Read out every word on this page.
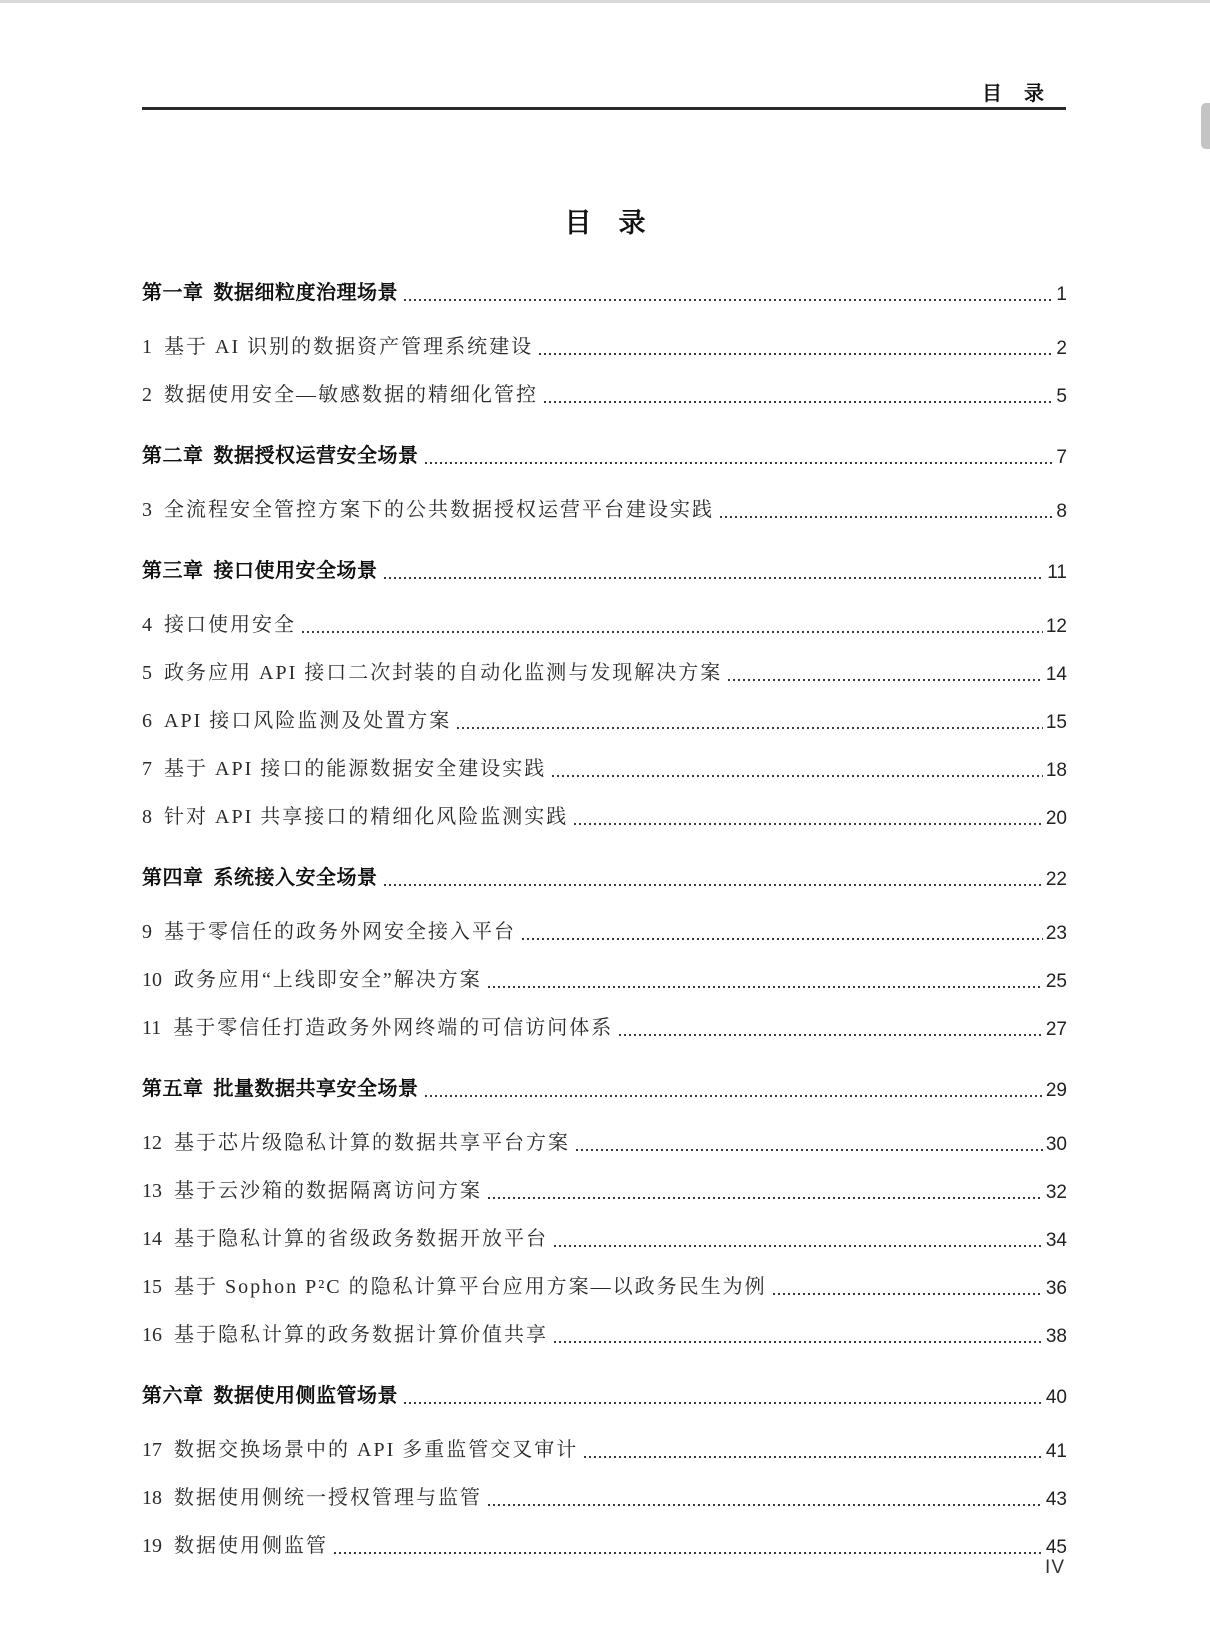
目　录
目　录
第一章 数据细粒度治理场景	1
1 基于 AI 识别的数据资产管理系统建设	2
2 数据使用安全—敏感数据的精细化管控	5
第二章 数据授权运营安全场景	7
3 全流程安全管控方案下的公共数据授权运营平台建设实践	8
第三章 接口使用安全场景	11
4 接口使用安全	12
5 政务应用 API 接口二次封装的自动化监测与发现解决方案	14
6 API 接口风险监测及处置方案	15
7 基于 API 接口的能源数据安全建设实践	18
8 针对 API 共享接口的精细化风险监测实践	20
第四章 系统接入安全场景	22
9 基于零信任的政务外网安全接入平台	23
10 政务应用“上线即安全”解决方案	25
11 基于零信任打造政务外网终端的可信访问体系	27
第五章 批量数据共享安全场景	29
12 基于芯片级隐私计算的数据共享平台方案	30
13 基于云沙箱的数据隔离访问方案	32
14 基于隐私计算的省级政务数据开放平台	34
15 基于 Sophon P²C 的隐私计算平台应用方案—以政务民生为例	36
16 基于隐私计算的政务数据计算价值共享	38
第六章 数据使用侧监管场景	40
17 数据交换场景中的 API 多重监管交叉审计	41
18 数据使用侧统一授权管理与监管	43
19 数据使用侧监管	45
IV
